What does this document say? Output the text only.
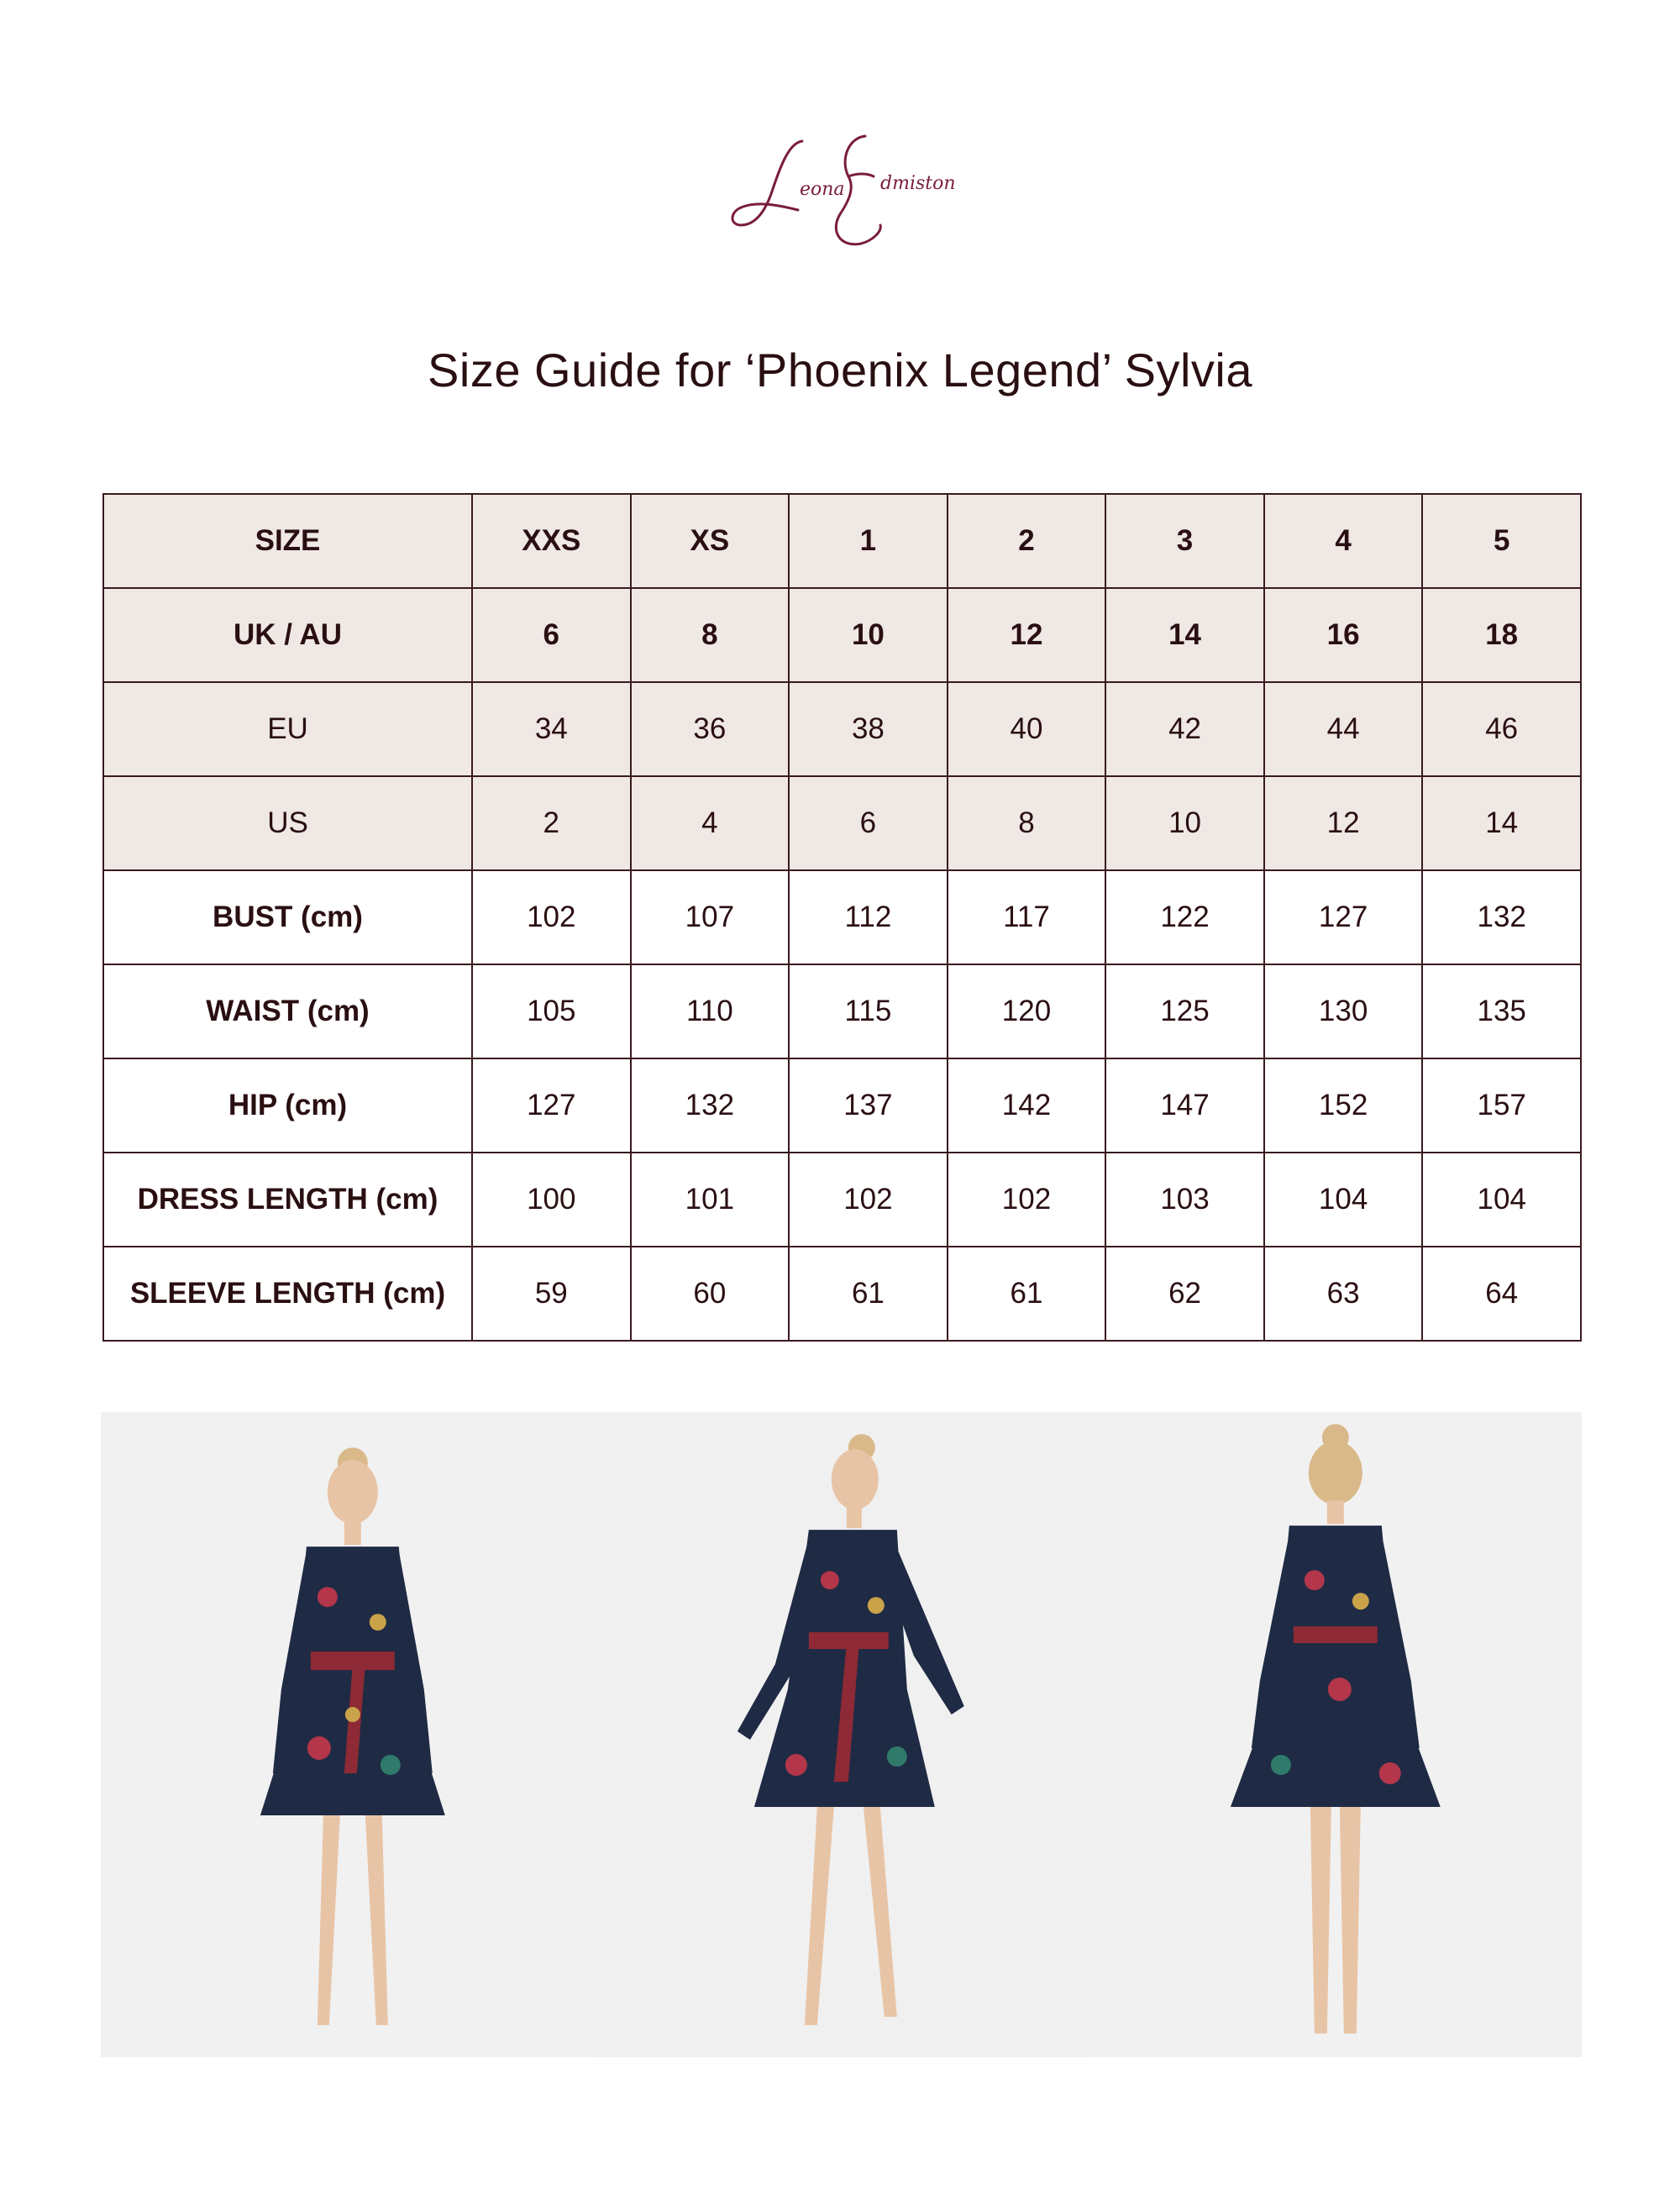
eona dmiston
Size Guide for ‘Phoenix Legend’ Sylvia
SIZE	XXS	XS	1	2	3	4	5
UK / AU	6	8	10	12	14	16	18
EU	34	36	38	40	42	44	46
US	2	4	6	8	10	12	14
BUST (cm)	102	107	112	117	122	127	132
WAIST (cm)	105	110	115	120	125	130	135
HIP (cm)	127	132	137	142	147	152	157
DRESS LENGTH (cm)	100	101	102	102	103	104	104
SLEEVE LENGTH (cm)	59	60	61	61	62	63	64
